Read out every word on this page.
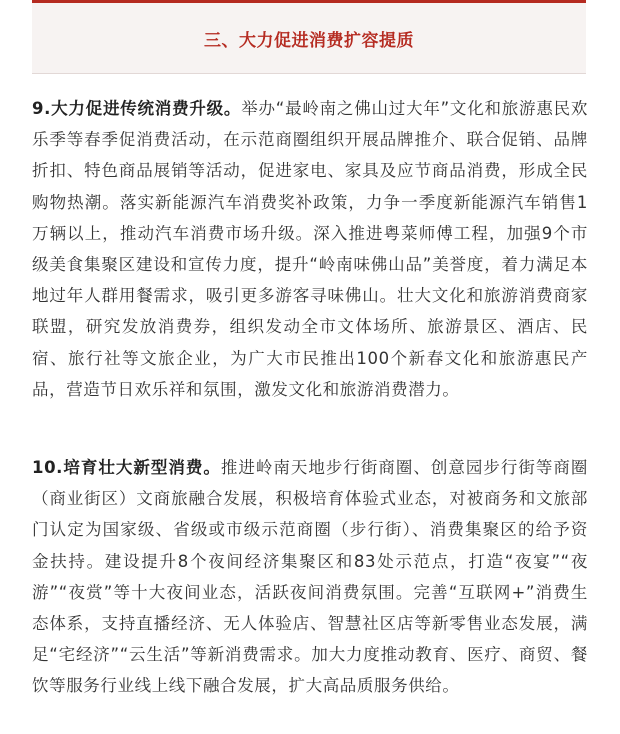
三、大力促进消费扩容提质

9.大力促进传统消费升级。举办“最岭南之佛山过大年”文化和旅游惠民欢乐季等春季促消费活动，在示范商圈组织开展品牌推介、联合促销、品牌折扣、特色商品展销等活动，促进家电、家具及应节商品消费，形成全民购物热潮。落实新能源汽车消费奖补政策，力争一季度新能源汽车销售1万辆以上，推动汽车消费市场升级。深入推进粤菜师傅工程，加强9个市级美食集聚区建设和宣传力度，提升“岭南味佛山品”美誉度，着力满足本地过年人群用餐需求，吸引更多游客寻味佛山。壮大文化和旅游消费商家联盟，研究发放消费券，组织发动全市文体场所、旅游景区、酒店、民宿、旅行社等文旅企业，为广大市民推出100个新春文化和旅游惠民产品，营造节日欢乐祥和氛围，激发文化和旅游消费潜力。

10.培育壮大新型消费。推进岭南天地步行街商圈、创意园步行街等商圈（商业街区）文商旅融合发展，积极培育体验式业态，对被商务和文旅部门认定为国家级、省级或市级示范商圈（步行街）、消费集聚区的给予资金扶持。建设提升8个夜间经济集聚区和83处示范点，打造“夜宴”“夜游”“夜赏”等十大夜间业态，活跃夜间消费氛围。完善“互联网+”消费生态体系，支持直播经济、无人体验店、智慧社区店等新零售业态发展，满足“宅经济”“云生活”等新消费需求。加大力度推动教育、医疗、商贸、餐饮等服务行业线上线下融合发展，扩大高品质服务供给。
